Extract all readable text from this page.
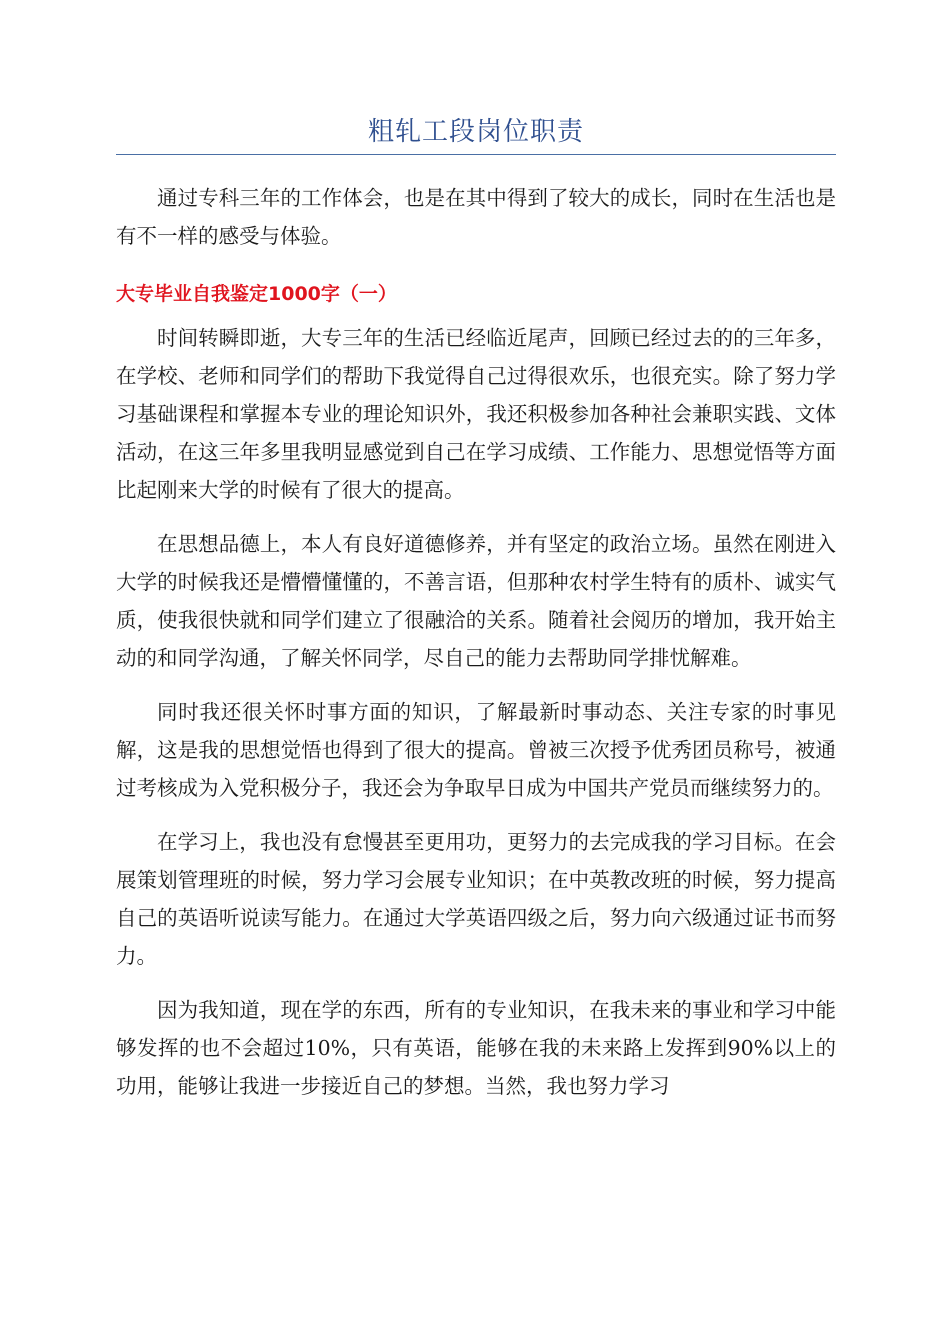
粗轧工段岗位职责

通过专科三年的工作体会，也是在其中得到了较大的成长，同时在生活也是有不一样的感受与体验。

大专毕业自我鉴定1000字（一）

时间转瞬即逝，大专三年的生活已经临近尾声，回顾已经过去的的三年多，在学校、老师和同学们的帮助下我觉得自己过得很欢乐，也很充实。除了努力学习基础课程和掌握本专业的理论知识外，我还积极参加各种社会兼职实践、文体活动，在这三年多里我明显感觉到自己在学习成绩、工作能力、思想觉悟等方面比起刚来大学的时候有了很大的提高。

在思想品德上，本人有良好道德修养，并有坚定的政治立场。虽然在刚进入大学的时候我还是懵懵懂懂的，不善言语，但那种农村学生特有的质朴、诚实气质，使我很快就和同学们建立了很融洽的关系。随着社会阅历的增加，我开始主动的和同学沟通，了解关怀同学，尽自己的能力去帮助同学排忧解难。

同时我还很关怀时事方面的知识，了解最新时事动态、关注专家的时事见解，这是我的思想觉悟也得到了很大的提高。曾被三次授予优秀团员称号，被通过考核成为入党积极分子，我还会为争取早日成为中国共产党员而继续努力的。

在学习上，我也没有怠慢甚至更用功，更努力的去完成我的学习目标。在会展策划管理班的时候，努力学习会展专业知识；在中英教改班的时候，努力提高自己的英语听说读写能力。在通过大学英语四级之后，努力向六级通过证书而努力。

因为我知道，现在学的东西，所有的专业知识，在我未来的事业和学习中能够发挥的也不会超过10%，只有英语，能够在我的未来路上发挥到90%以上的功用，能够让我进一步接近自己的梦想。当然，我也努力学习
